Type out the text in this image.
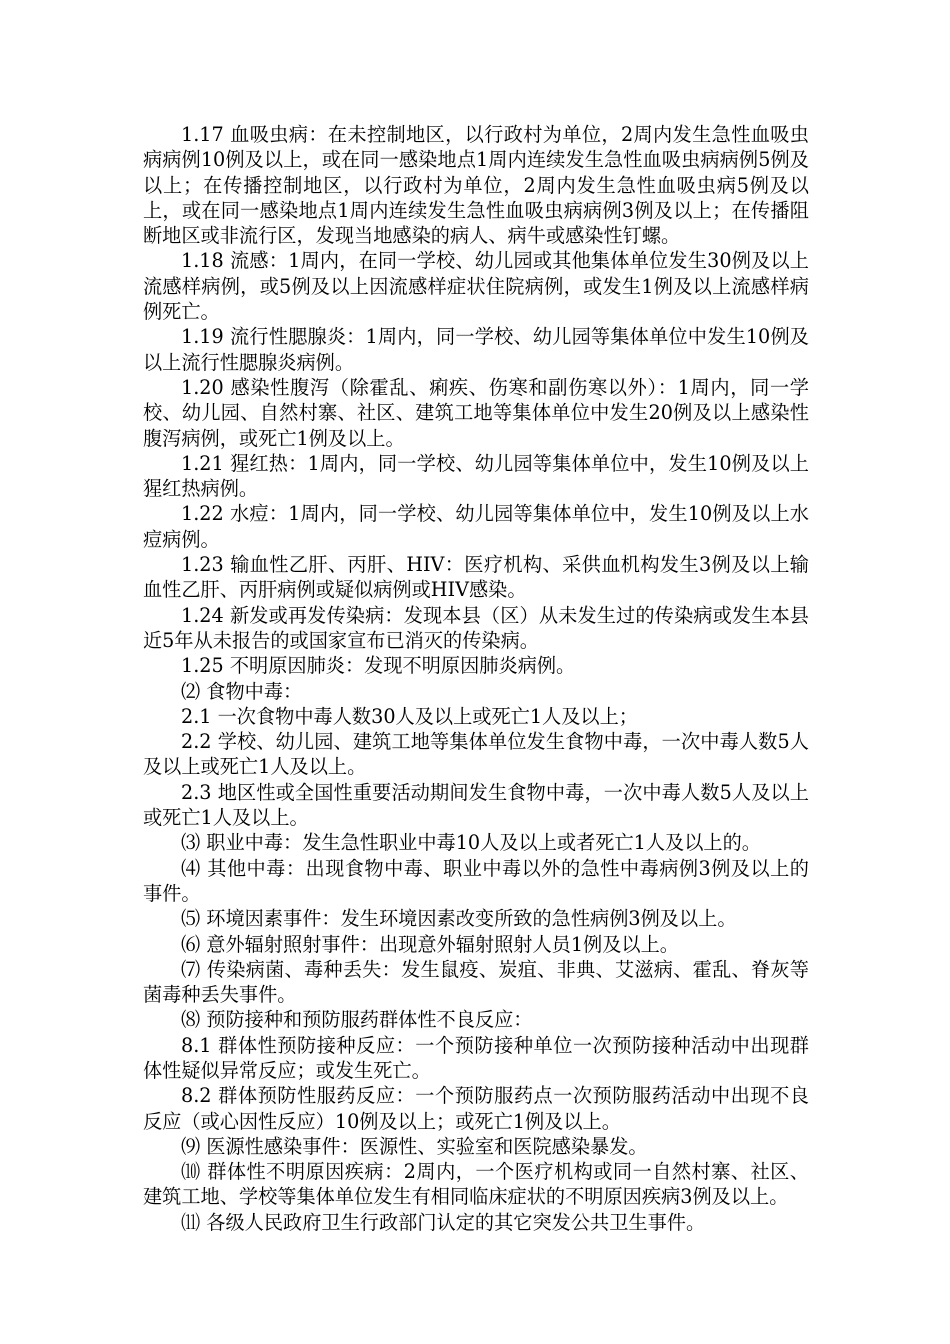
1.17 血吸虫病：在未控制地区，以行政村为单位，2周内发生急性血吸虫病病例10例及以上，或在同一感染地点1周内连续发生急性血吸虫病病例5例及以上；在传播控制地区，以行政村为单位，2周内发生急性血吸虫病5例及以上，或在同一感染地点1周内连续发生急性血吸虫病病例3例及以上；在传播阻断地区或非流行区，发现当地感染的病人、病牛或感染性钉螺。

1.18 流感：1周内，在同一学校、幼儿园或其他集体单位发生30例及以上流感样病例，或5例及以上因流感样症状住院病例，或发生1例及以上流感样病例死亡。

1.19 流行性腮腺炎：1周内，同一学校、幼儿园等集体单位中发生10例及以上流行性腮腺炎病例。

1.20 感染性腹泻（除霍乱、痢疾、伤寒和副伤寒以外）：1周内，同一学校、幼儿园、自然村寨、社区、建筑工地等集体单位中发生20例及以上感染性腹泻病例，或死亡1例及以上。

1.21 猩红热：1周内，同一学校、幼儿园等集体单位中，发生10例及以上猩红热病例。

1.22 水痘：1周内，同一学校、幼儿园等集体单位中，发生10例及以上水痘病例。

1.23 输血性乙肝、丙肝、HIV：医疗机构、采供血机构发生3例及以上输血性乙肝、丙肝病例或疑似病例或HIV感染。

1.24 新发或再发传染病：发现本县（区）从未发生过的传染病或发生本县近5年从未报告的或国家宣布已消灭的传染病。

1.25 不明原因肺炎：发现不明原因肺炎病例。

⑵ 食物中毒：

2.1 一次食物中毒人数30人及以上或死亡1人及以上；

2.2 学校、幼儿园、建筑工地等集体单位发生食物中毒，一次中毒人数5人及以上或死亡1人及以上。

2.3 地区性或全国性重要活动期间发生食物中毒，一次中毒人数5人及以上或死亡1人及以上。

⑶ 职业中毒：发生急性职业中毒10人及以上或者死亡1人及以上的。

⑷ 其他中毒：出现食物中毒、职业中毒以外的急性中毒病例3例及以上的事件。

⑸ 环境因素事件：发生环境因素改变所致的急性病例3例及以上。

⑹ 意外辐射照射事件：出现意外辐射照射人员1例及以上。

⑺ 传染病菌、毒种丢失：发生鼠疫、炭疽、非典、艾滋病、霍乱、脊灰等菌毒种丢失事件。

⑻ 预防接种和预防服药群体性不良反应：

8.1 群体性预防接种反应：一个预防接种单位一次预防接种活动中出现群体性疑似异常反应；或发生死亡。

8.2 群体预防性服药反应：一个预防服药点一次预防服药活动中出现不良反应（或心因性反应）10例及以上；或死亡1例及以上。

⑼ 医源性感染事件：医源性、实验室和医院感染暴发。

⑽ 群体性不明原因疾病：2周内，一个医疗机构或同一自然村寨、社区、建筑工地、学校等集体单位发生有相同临床症状的不明原因疾病3例及以上。

⑾ 各级人民政府卫生行政部门认定的其它突发公共卫生事件。
